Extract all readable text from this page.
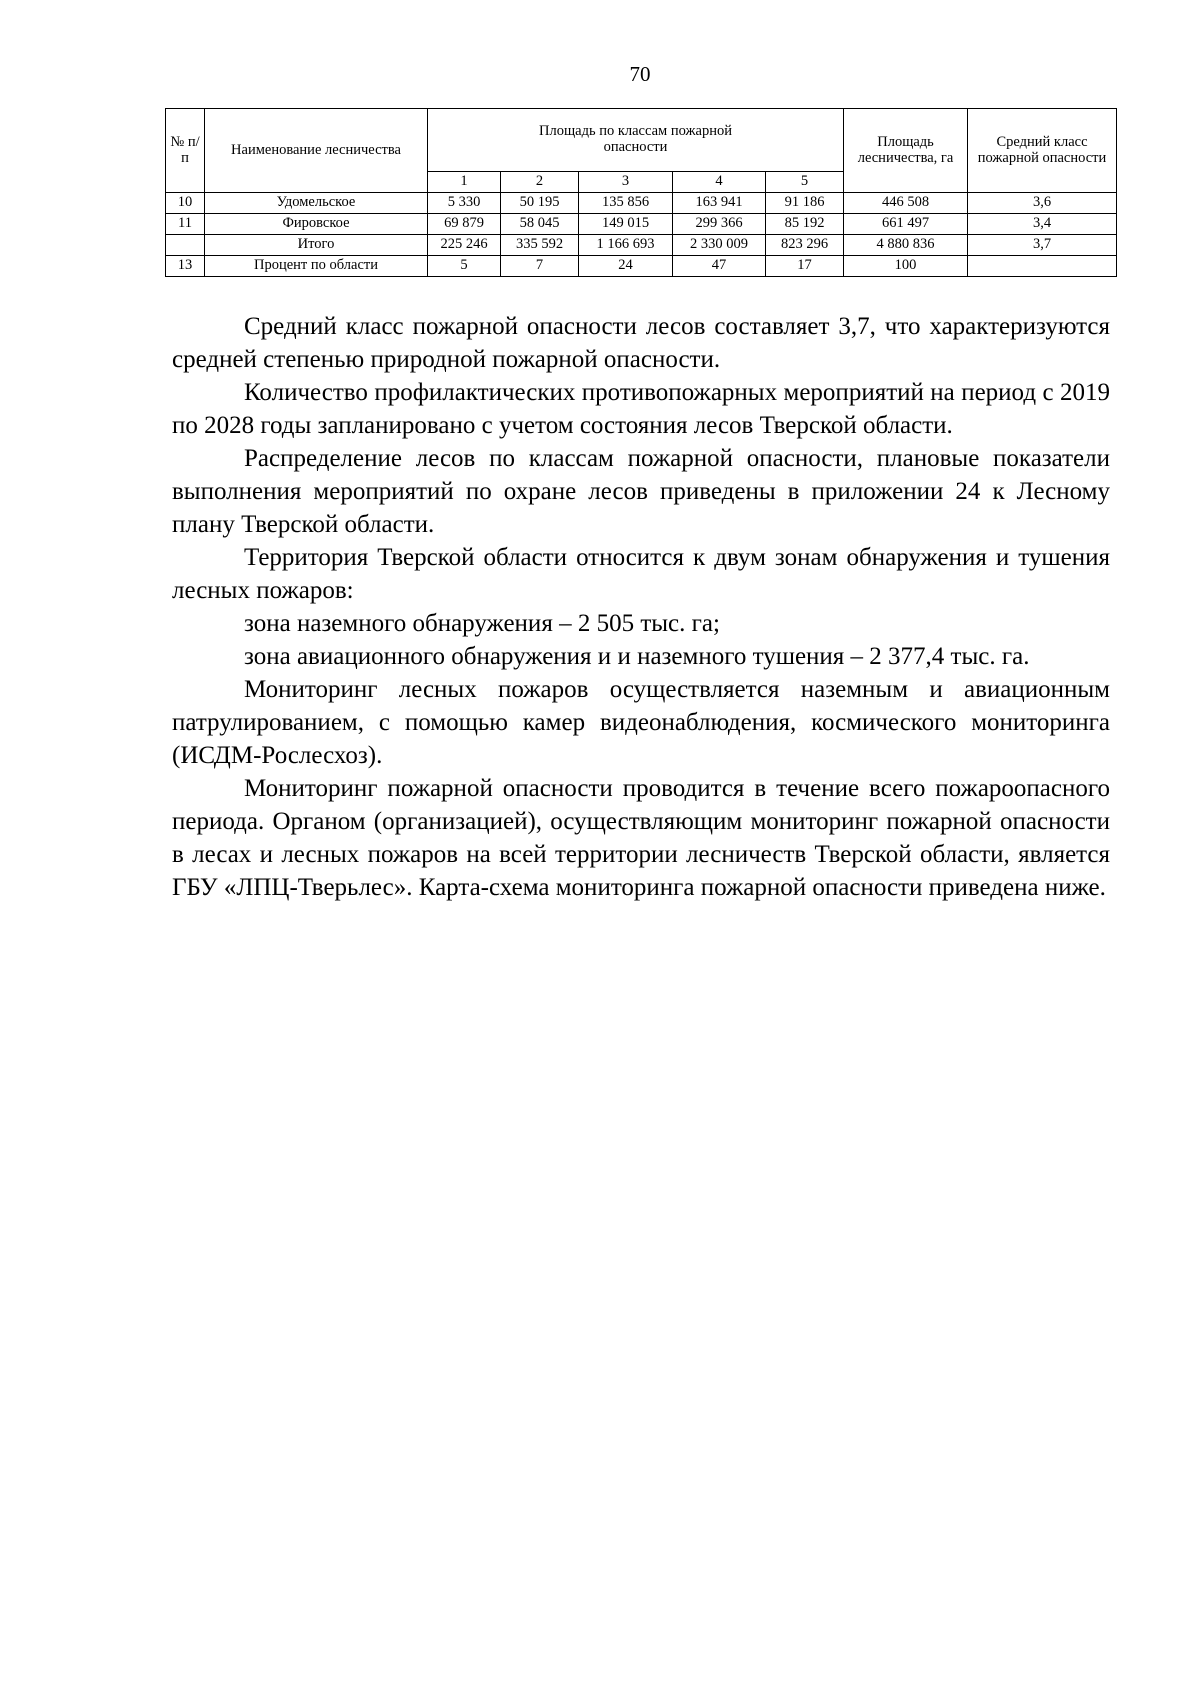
70
№ п/п	Наименование лесничества	Площадь по классам пожарной опасности					Площадь лесничества, га	Средний класс пожарной опасности
		1	2	3	4	5		
10	Удомельское	5 330	50 195	135 856	163 941	91 186	446 508	3,6
11	Фировское	69 879	58 045	149 015	299 366	85 192	661 497	3,4
	Итого	225 246	335 592	1 166 693	2 330 009	823 296	4 880 836	3,7
13	Процент по области	5	7	24	47	17	100	

Средний класс пожарной опасности лесов составляет 3,7, что характеризуются средней степенью природной пожарной опасности.

Количество профилактических противопожарных мероприятий на период с 2019 по 2028 годы запланировано с учетом состояния лесов Тверской области.

Распределение лесов по классам пожарной опасности, плановые показатели выполнения мероприятий по охране лесов приведены в приложении 24 к Лесному плану Тверской области.

Территория Тверской области относится к двум зонам обнаружения и тушения лесных пожаров:

зона наземного обнаружения – 2 505 тыс. га;

зона авиационного обнаружения и и наземного тушения – 2 377,4 тыс. га.

Мониторинг лесных пожаров осуществляется наземным и авиационным патрулированием, с помощью камер видеонаблюдения, космического мониторинга (ИСДМ-Рослесхоз).

Мониторинг пожарной опасности проводится в течение всего пожароопасного периода. Органом (организацией), осуществляющим мониторинг пожарной опасности в лесах и лесных пожаров на всей территории лесничеств Тверской области, является ГБУ «ЛПЦ-Тверьлес». Карта-схема мониторинга пожарной опасности приведена ниже.
